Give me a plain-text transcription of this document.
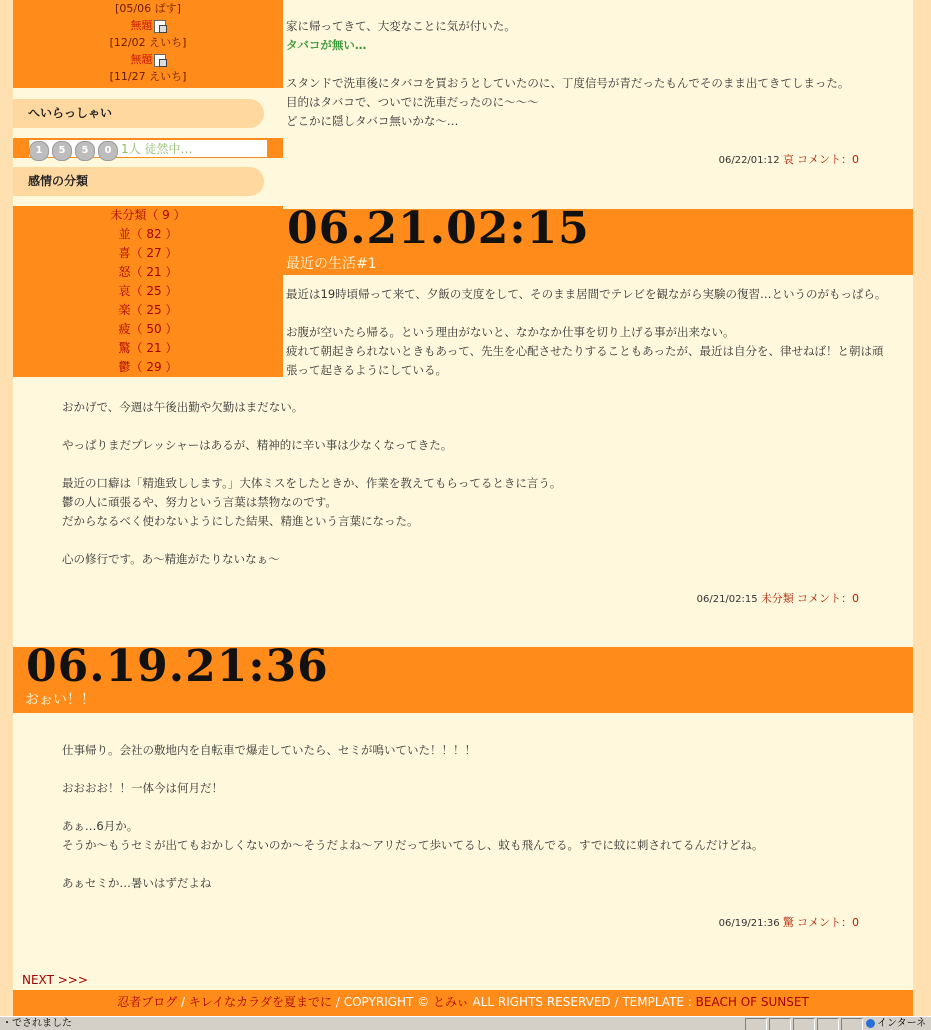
[05/06 ぱす]
無題
[12/02 えいち]
無題
[11/27 えいち]
へいらっしゃい
1 5 5 0 1人 徒然中…
感情の分類
未分類（ 9 ）
並（ 82 ）
喜（ 27 ）
怒（ 21 ）
哀（ 25 ）
楽（ 25 ）
疲（ 50 ）
驚（ 21 ）
鬱（ 29 ）

家に帰ってきて、大変なことに気が付いた。

タバコが無い…

スタンドで洗車後にタバコを買おうとしていたのに、丁度信号が青だったもんでそのまま出てきてしまった。

目的はタバコで、ついでに洗車だったのに～～～

どこかに隠しタバコ無いかな～…

06/22/01:12 哀 コメント：0
06.21.02:15
最近の生活#1

最近は19時頃帰って来て、夕飯の支度をして、そのまま居間でテレビを観ながら実験の復習…というのがもっぱら。

お腹が空いたら帰る。という理由がないと、なかなか仕事を切り上げる事が出来ない。

疲れて朝起きられないときもあって、先生を心配させたりすることもあったが、最近は自分を、律せねば！と朝は頑

張って起きるようにしている。

おかげで、今週は午後出勤や欠勤はまだない。

やっぱりまだプレッシャーはあるが、精神的に辛い事は少なくなってきた。

最近の口癖は「精進致しします。」大体ミスをしたときか、作業を教えてもらってるときに言う。

鬱の人に頑張るや、努力という言葉は禁物なのです。

だからなるべく使わないようにした結果、精進という言葉になった。

心の修行です。あ～精進がたりないなぁ～

06/21/02:15 未分類 コメント：0
06.19.21:36
おぉい！！

仕事帰り。会社の敷地内を自転車で爆走していたら、セミが鳴いていた！！！！

おおおお！！一体今は何月だ！

あぁ…6月か。

そうか～もうセミが出てもおかしくないのか～そうだよね～アリだって歩いてるし、蚊も飛んでる。すでに蚊に刺されてるんだけどね。

あぁセミか…暑いはずだよね

06/19/21:36 驚 コメント：0
NEXT >>>
忍者ブログ / キレイなカラダを夏までに / COPYRIGHT © とみぃ ALL RIGHTS RESERVED / TEMPLATE : BEACH OF SUNSET
・でされました	インターネ
